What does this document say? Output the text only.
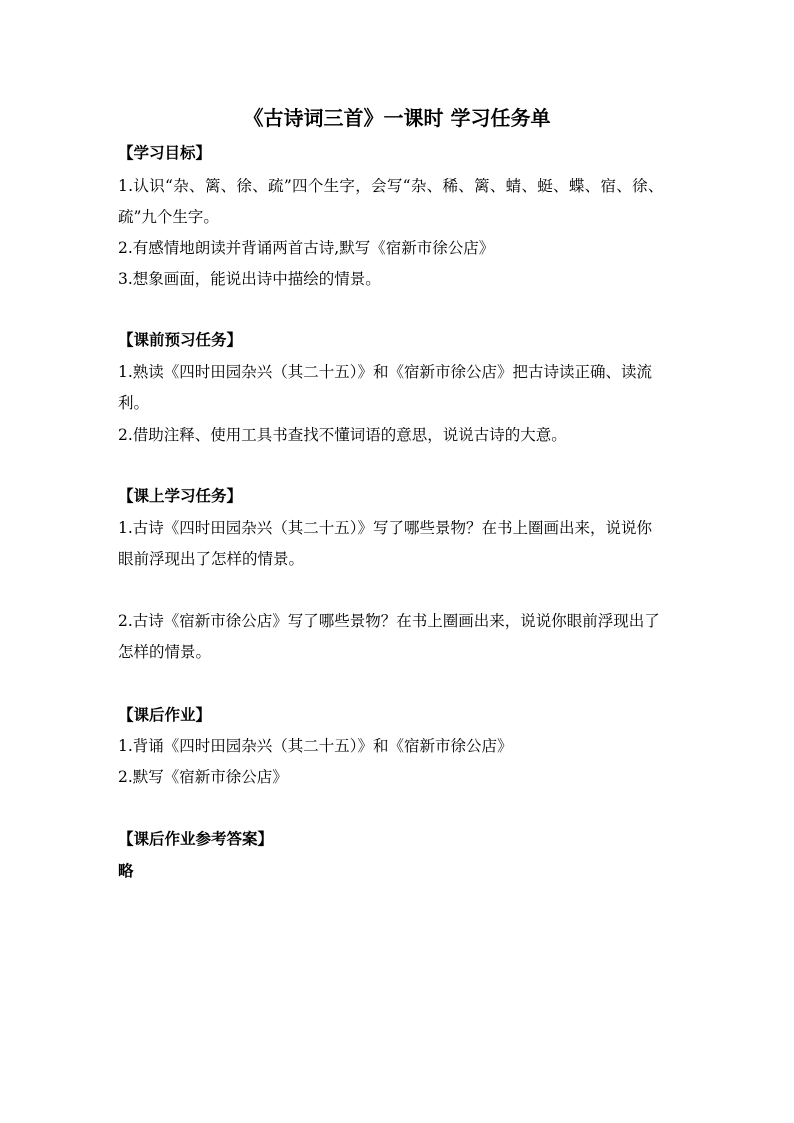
《古诗词三首》一课时 学习任务单
【学习目标】
1.认识“杂、篱、徐、疏”四个生字，会写“杂、稀、篱、蜻、蜓、蝶、宿、徐、
疏”九个生字。
2.有感情地朗读并背诵两首古诗,默写《宿新市徐公店》
3.想象画面，能说出诗中描绘的情景。
【课前预习任务】
1.熟读《四时田园杂兴（其二十五）》和《宿新市徐公店》把古诗读正确、读流
利。
2.借助注释、使用工具书查找不懂词语的意思，说说古诗的大意。
【课上学习任务】
1.古诗《四时田园杂兴（其二十五）》写了哪些景物？在书上圈画出来，说说你
眼前浮现出了怎样的情景。
2.古诗《宿新市徐公店》写了哪些景物？在书上圈画出来，说说你眼前浮现出了
怎样的情景。
【课后作业】
1.背诵《四时田园杂兴（其二十五）》和《宿新市徐公店》
2.默写《宿新市徐公店》
【课后作业参考答案】
略
